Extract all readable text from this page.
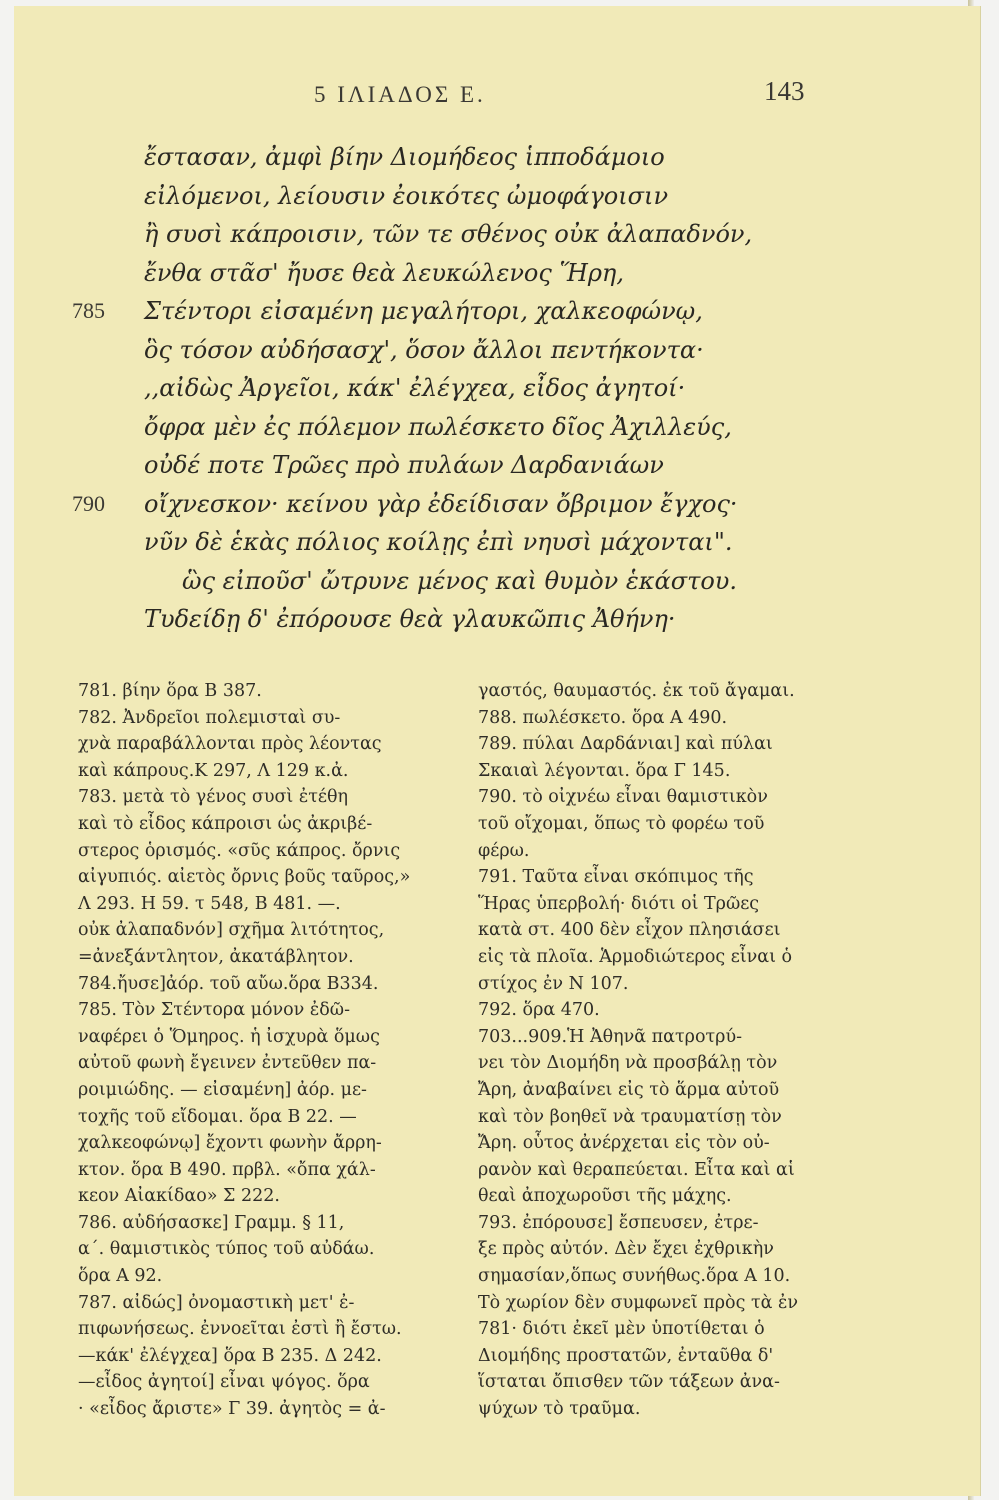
5 ΙΛΙΑΔΟΣ Ε.	143
ἔστασαν, ἀμφὶ βίην Διομήδεος ἱπποδάμοιο
εἰλόμενοι, λείουσιν ἐοικότες ὠμοφάγοισιν
ἢ συσὶ κάπροισιν, τῶν τε σθένος οὐκ ἀλαπαδνόν,
ἔνθα στᾶσ' ἤυσε θεὰ λευκώλενος Ἥρη,
785 Στέντορι εἰσαμένη μεγαλήτορι, χαλκεοφώνῳ,
ὃς τόσον αὐδήσασχ', ὅσον ἄλλοι πεντήκοντα·
,,αἰδὼς Ἀργεῖοι, κάκ' ἐλέγχεα, εἶδος ἀγητοί·
ὄφρα μὲν ἐς πόλεμον πωλέσκετο δῖος Ἀχιλλεύς,
οὐδέ ποτε Τρῶες πρὸ πυλάων Δαρδανιάων
790 οἴχνεσκον· κείνου γὰρ ἐδείδισαν ὄβριμον ἔγχος·
νῦν δὲ ἑκὰς πόλιος κοίλῃς ἐπὶ νηυσὶ μάχονται".
ὣς εἰποῦσ' ὤτρυνε μένος καὶ θυμὸν ἑκάστου.
Τυδείδῃ δ' ἐπόρουσε θεὰ γλαυκῶπις Ἀθήνη·
781. βίην ὅρα Β 387.
782. Ἀνδρεῖοι πολεμισταὶ συ-
χνὰ παραβάλλονται πρὸς λέοντας
καὶ κάπρους.Κ 297, Λ 129 κ.ἀ.
783. μετὰ τὸ γένος συσὶ ἐτέθη
καὶ τὸ εἶδος κάπροισι ὡς ἀκριβέ-
στερος ὁρισμός. «σῦς κάπρος. ὄρνις
αἰγυπιός. αἰετὸς ὄρνις βοῦς ταῦρος,»
Λ 293. Η 59. τ 548, Β 481. —.
οὐκ ἀλαπαδνόν] σχῆμα λιτότητος,
=ἀνεξάντλητον, ἀκατάβλητον.
784.ἤυσε]ἀόρ. τοῦ αὔω.ὅρα Β334.
785. Τὸν Στέντορα μόνον ἐδῶ-
ναφέρει ὁ Ὅμηρος. ἡ ἰσχυρὰ ὅμως
αὐτοῦ φωνὴ ἔγεινεν ἐντεῦθεν πα-
ροιμιώδης. — εἰσαμένη] ἀόρ. με-
τοχῆς τοῦ εἴδομαι. ὅρα Β 22. —
χαλκεοφώνῳ] ἔχοντι φωνὴν ἄρρη-
κτον. ὅρα Β 490. πρβλ. «ὄπα χάλ-
κεον Αἰακίδαο» Σ 222.
786. αὐδήσασκε] Γραμμ. § 11,
α΄. θαμιστικὸς τύπος τοῦ αὐδάω.
ὅρα Α 92.
787. αἰδώς] ὀνομαστικὴ μετ' ἐ-
πιφωνήσεως. ἐννοεῖται ἐστὶ ἢ ἔστω.
—κάκ' ἐλέγχεα] ὅρα Β 235. Δ 242.
—εἶδος ἀγητοί] εἶναι ψόγος. ὅρα
· «εἶδος ἄριστε» Γ 39. ἀγητὸς = ἀ-
γαστός, θαυμαστός. ἐκ τοῦ ἄγαμαι.
788. πωλέσκετο. ὅρα Α 490.
789. πύλαι Δαρδάνιαι] καὶ πύλαι
Σκαιαὶ λέγονται. ὅρα Γ 145.
790. τὸ οἰχνέω εἶναι θαμιστικὸν
τοῦ οἴχομαι, ὅπως τὸ φορέω τοῦ
φέρω.
791. Ταῦτα εἶναι σκόπιμος τῆς
Ἥρας ὑπερβολή· διότι οἱ Τρῶες
κατὰ στ. 400 δὲν εἶχον πλησιάσει
εἰς τὰ πλοῖα. Ἁρμοδιώτερος εἶναι ὁ
στίχος ἐν Ν 107.
792. ὅρα 470.
703...909.Ἡ Ἀθηνᾶ πατροτρύ-
νει τὸν Διομήδη νὰ προσβάλῃ τὸν
Ἄρη, ἀναβαίνει εἰς τὸ ἅρμα αὐτοῦ
καὶ τὸν βοηθεῖ νὰ τραυματίσῃ τὸν
Ἄρη. οὗτος ἀνέρχεται εἰς τὸν οὐ-
ρανὸν καὶ θεραπεύεται. Εἶτα καὶ αἱ
θεαὶ ἀποχωροῦσι τῆς μάχης.
793. ἐπόρουσε] ἔσπευσεν, ἐτρε-
ξε πρὸς αὐτόν. Δὲν ἔχει ἐχθρικὴν
σημασίαν,ὅπως συνήθως.ὅρα Α 10.
Τὸ χωρίον δὲν συμφωνεῖ πρὸς τὰ ἐν
781· διότι ἐκεῖ μὲν ὑποτίθεται ὁ
Διομήδης προστατῶν, ἐνταῦθα δ'
ἵσταται ὄπισθεν τῶν τάξεων ἀνα-
ψύχων τὸ τραῦμα.
